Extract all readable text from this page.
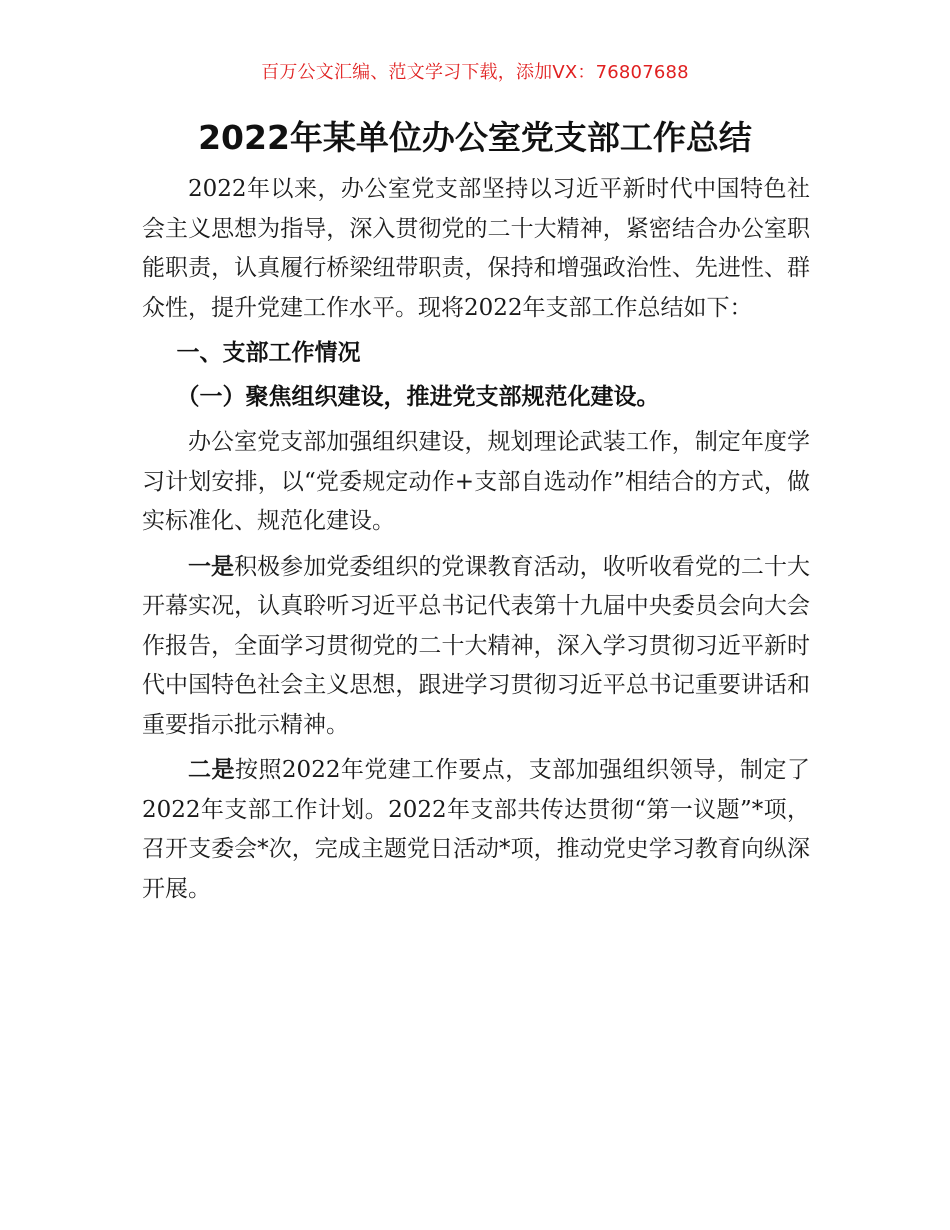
百万公文汇编、范文学习下载，添加VX：76807688
2022年某单位办公室党支部工作总结

2022年以来，办公室党支部坚持以习近平新时代中国特色社会主义思想为指导，深入贯彻党的二十大精神，紧密结合办公室职能职责，认真履行桥梁纽带职责，保持和增强政治性、先进性、群众性，提升党建工作水平。现将2022年支部工作总结如下：

一、支部工作情况

（一）聚焦组织建设，推进党支部规范化建设。

办公室党支部加强组织建设，规划理论武装工作，制定年度学习计划安排，以“党委规定动作+支部自选动作”相结合的方式，做实标准化、规范化建设。

一是积极参加党委组织的党课教育活动，收听收看党的二十大开幕实况，认真聆听习近平总书记代表第十九届中央委员会向大会作报告，全面学习贯彻党的二十大精神，深入学习贯彻习近平新时代中国特色社会主义思想，跟进学习贯彻习近平总书记重要讲话和重要指示批示精神。

二是按照2022年党建工作要点，支部加强组织领导，制定了2022年支部工作计划。2022年支部共传达贯彻“第一议题”*项，召开支委会*次，完成主题党日活动*项，推动党史学习教育向纵深开展。
